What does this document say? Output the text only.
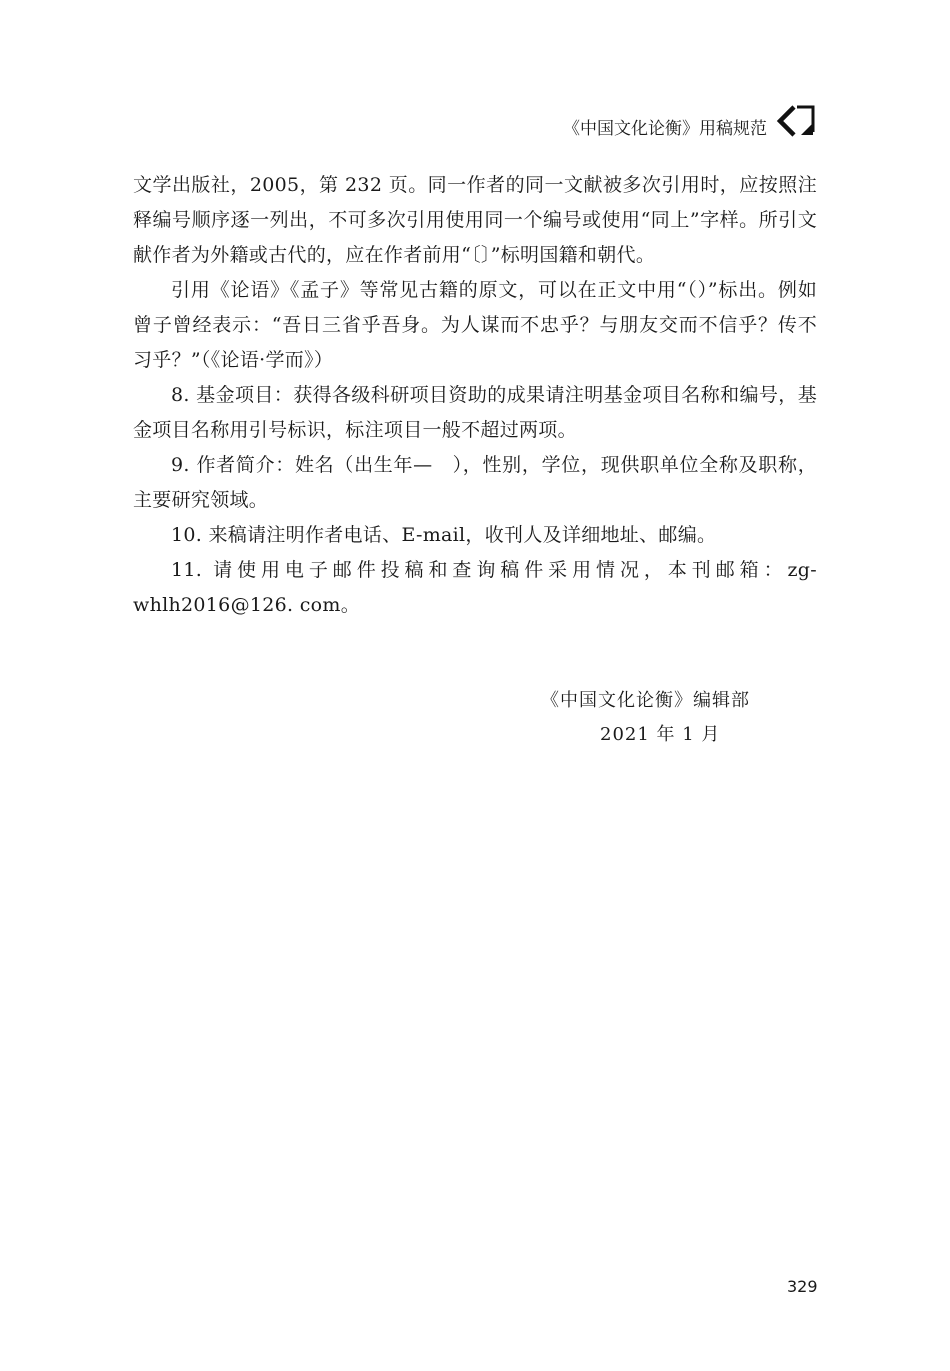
《中国文化论衡》用稿规范

文学出版社，2005，第 232 页。同一作者的同一文献被多次引用时，应按照注释编号顺序逐一列出，不可多次引用使用同一个编号或使用“同上”字样。所引文献作者为外籍或古代的，应在作者前用“〔〕”标明国籍和朝代。

引用《论语》《孟子》等常见古籍的原文，可以在正文中用“（）”标出。例如曾子曾经表示：“吾日三省乎吾身。为人谋而不忠乎？与朋友交而不信乎？传不习乎？”（《论语·学而》）

8. 基金项目：获得各级科研项目资助的成果请注明基金项目名称和编号，基金项目名称用引号标识，标注项目一般不超过两项。

9. 作者简介：姓名（出生年—　），性别，学位，现供职单位全称及职称，主要研究领域。

10. 来稿请注明作者电话、E-mail，收刊人及详细地址、邮编。

11. 请使用电子邮件投稿和查询稿件采用情况，本刊邮箱：zg-whlh2016@126. com。

《中国文化论衡》编辑部
2021 年 1 月
329
